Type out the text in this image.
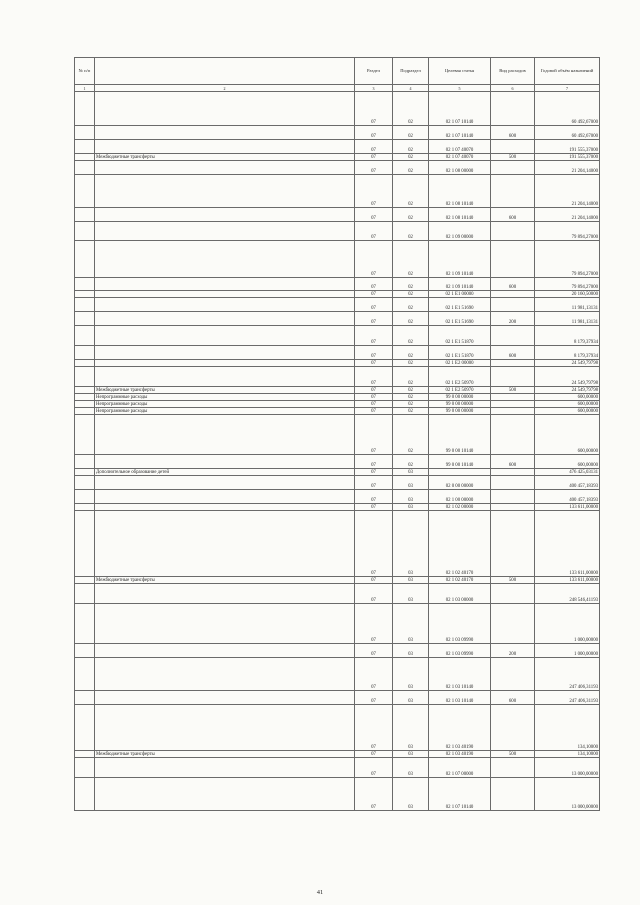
№ п/п		Раздел	Подраздел	Целевая статья	Вид расходов	Годовой объём назначений
1	2	3	4	5	6	7
		07	02	02 1 07 10140		60 492,67000
		07	02	02 1 07 10140	600	60 492,67000
		07	02	02 1 07 40070		191 555,37000
	Межбюджетные трансферты	07	02	02 1 07 40070	500	191 555,37000
		07	02	02 1 08 00000		21 204,14000
		07	02	02 1 08 10140		21 204,14000
		07	02	02 1 08 10140	600	21 204,14000
		07	02	02 1 09 00000		79 894,27000
		07	02	02 1 09 10140		79 894,27000
		07	02	02 1 09 10140	600	79 894,27000
		07	02	02 1 Е1 00000		20 160,50000
		07	02	02 1 Е1 51690		11 981,13131
		07	02	02 1 Е1 51690	200	11 981,13131
		07	02	02 1 Е1 51870		8 179,37934
		07	02	02 1 Е1 51870	600	8 179,37934
		07	02	02 1 Е2 00000		24 549,79798
		07	02	02 1 Е2 50970		24 549,79798
	Межбюджетные трансферты	07	02	02 1 Е2 50970	500	24 549,79798
	Непрограммные расходы	07	02	99 0 00 00000		600,00000
	Непрограммные расходы	07	02	99 0 00 00000		600,00000
	Непрограммные расходы	07	02	99 0 00 00000		600,00000
		07	02	99 0 00 10140		600,00000
		07	02	99 0 00 10140	600	600,00000
	Дополнительное образование детей	07	03			476 425,03131
		07	03	02 0 00 00000		400 457,18393
		07	03	02 1 00 00000		400 457,18393
		07	03	02 1 02 00000		133 611,00000
		07	03	02 1 02 40170		133 611,00000
	Межбюджетные трансферты	07	03	02 1 02 40170	500	133 611,00000
		07	03	02 1 03 00000		248 546,41193
		07	03	02 1 03 09990		1 000,00000
		07	03	02 1 03 09990	200	1 000,00000
		07	03	02 1 03 10140		247 406,31193
		07	03	02 1 03 10140	600	247 406,31193
		07	03	02 1 03 40190		134,10000
	Межбюджетные трансферты	07	03	02 1 03 40190	500	134,10000
		07	03	02 1 07 00000		13 000,00000
		07	03	02 1 07 10140		13 000,00000

41
